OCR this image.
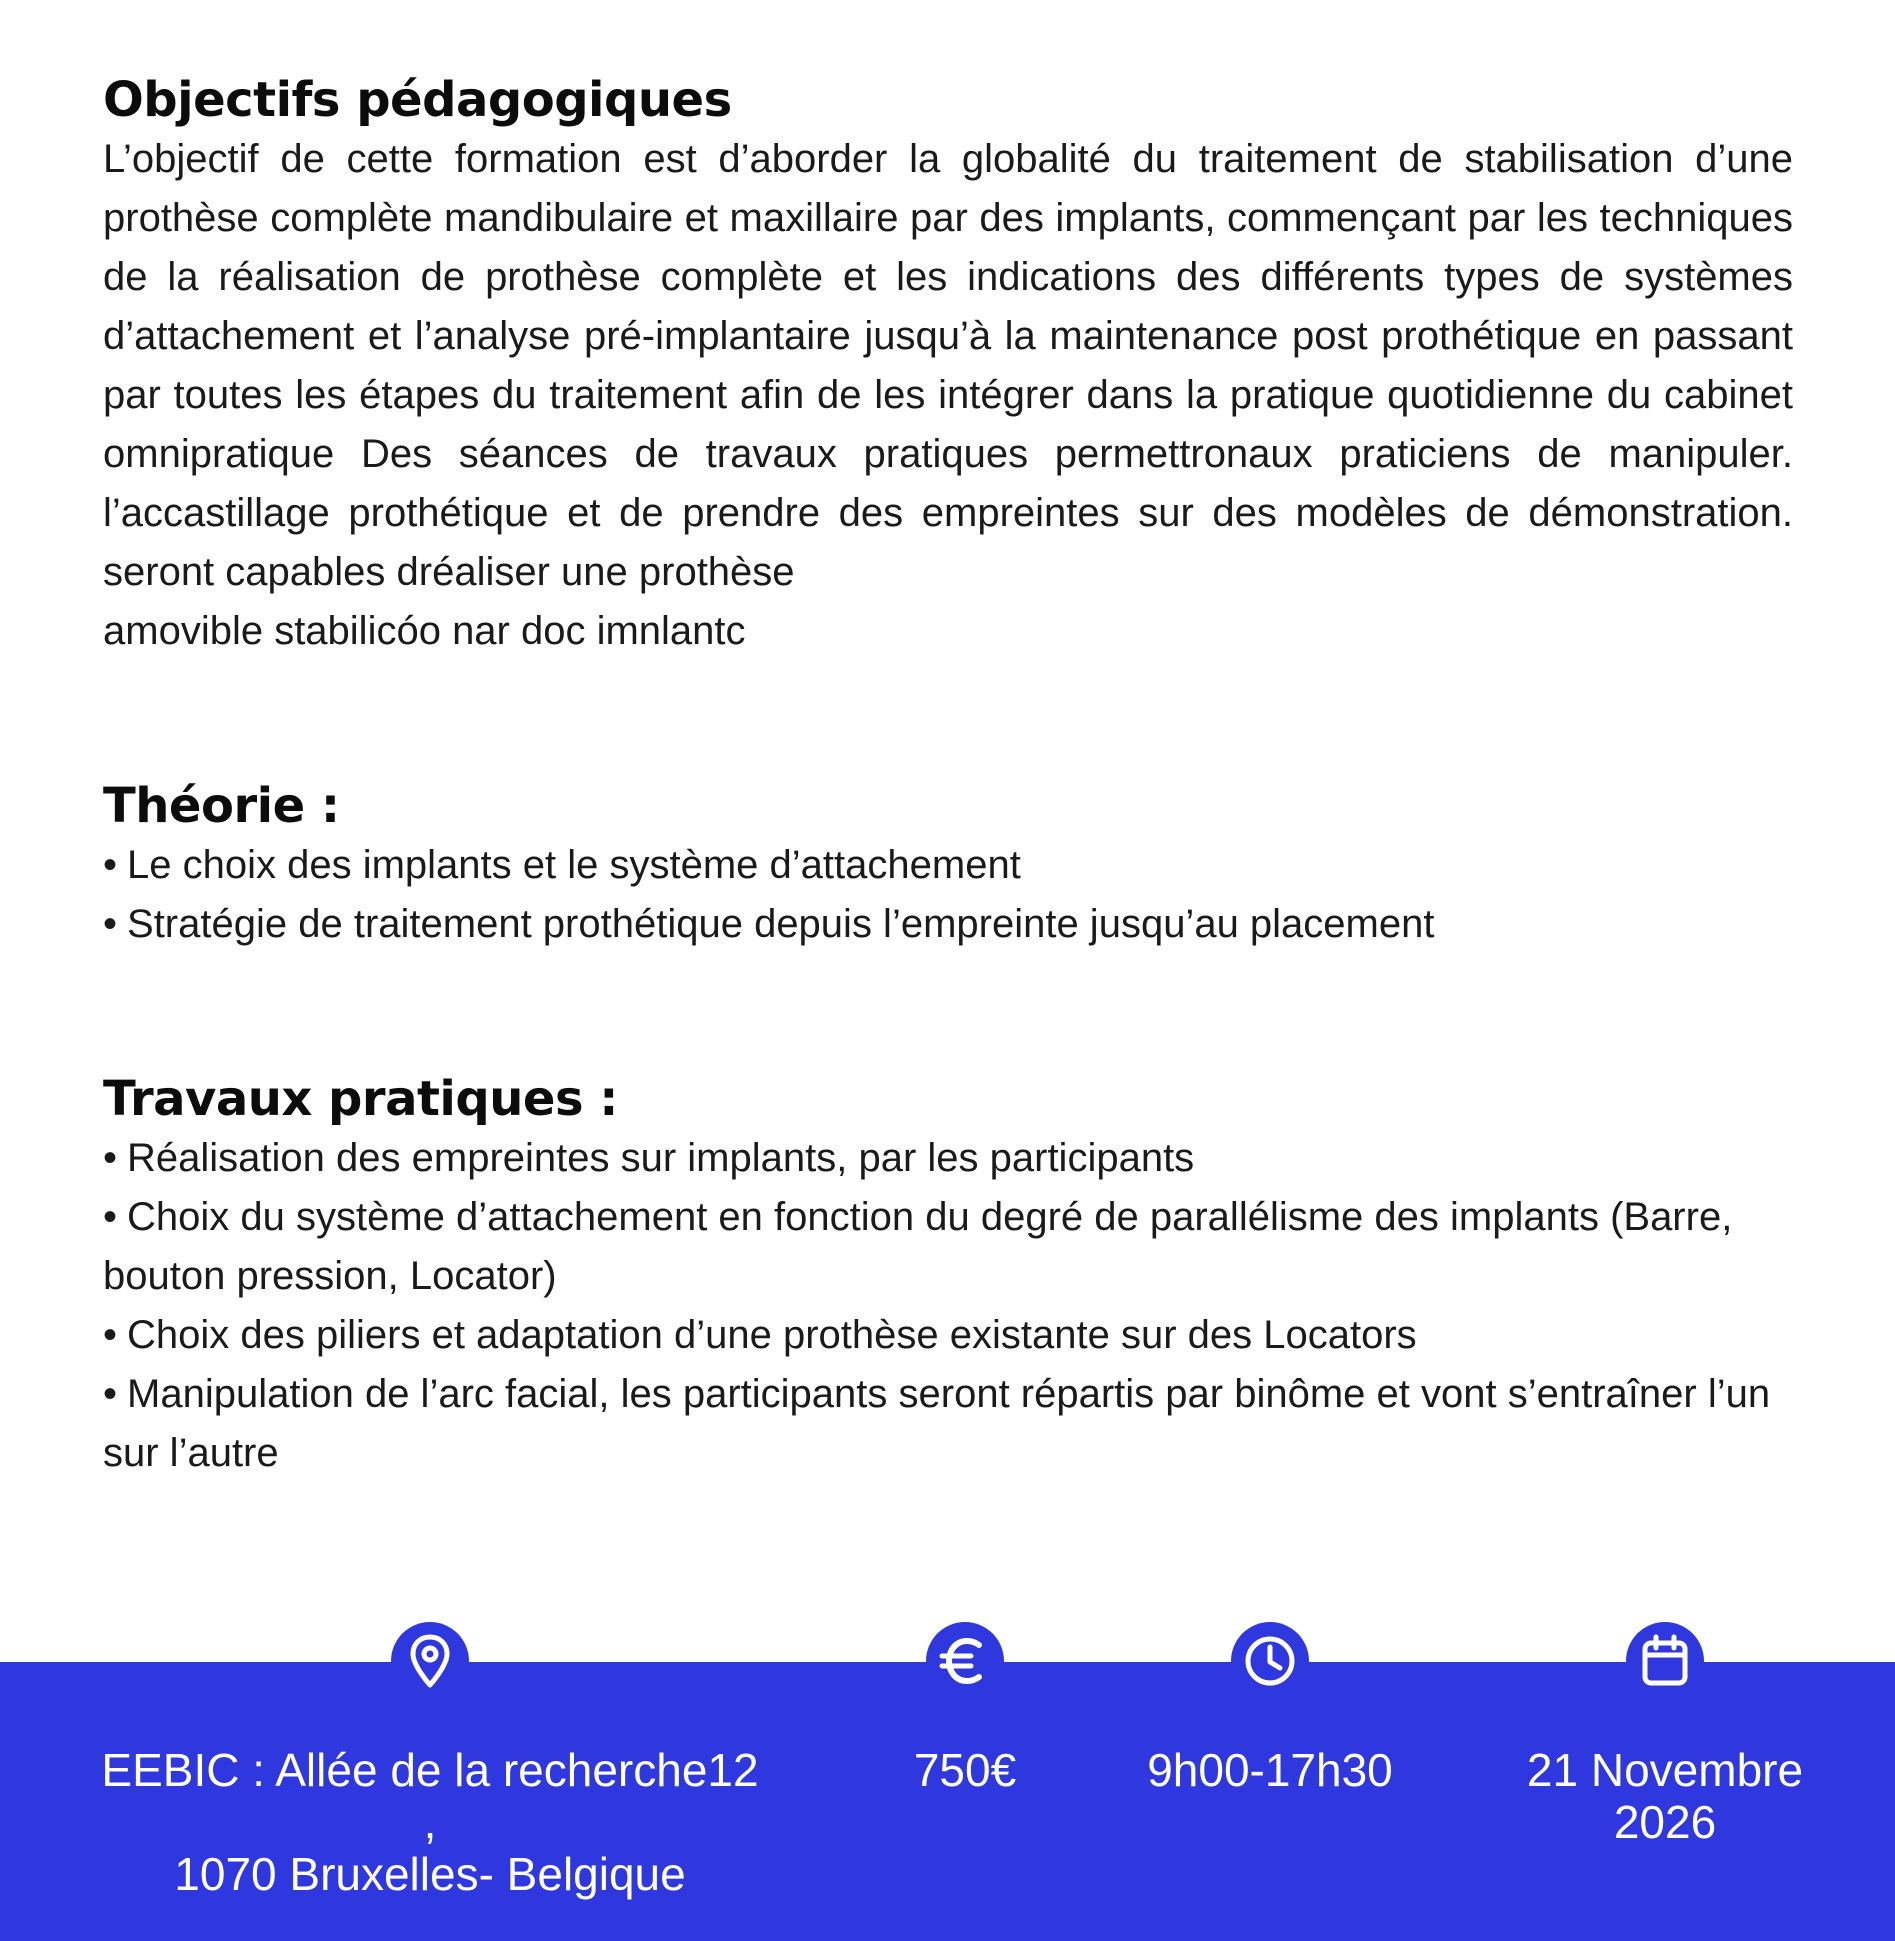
Objectifs pédagogiques

L’objectif de cette formation est d’aborder la globalité du traitement de stabilisation d’une prothèse complète mandibulaire et maxillaire par des implants, commençant par les techniques de la réalisation de prothèse complète et les indications des différents types de systèmes d’attachement et l’analyse pré-implantaire jusqu’à la maintenance post prothétique en passant par toutes les étapes du traitement afin de les intégrer dans la pratique quotidienne du cabinet omnipratique Des séances de travaux pratiques permettronaux praticiens de manipuler. l’accastillage prothétique et de prendre des empreintes sur des modèles de démonstration. seront capables dréaliser une prothèse
amovible stabilicóo nar doc imnlantc

Théorie :
• Le choix des implants et le système d’attachement
• Stratégie de traitement prothétique depuis l’empreinte jusqu’au placement
Travaux pratiques :
• Réalisation des empreintes sur implants, par les participants
• Choix du système d’attachement en fonction du degré de parallélisme des implants (Barre, bouton pression, Locator)
• Choix des piliers et adaptation d’une prothèse existante sur des Locators
• Manipulation de l’arc facial, les participants seront répartis par binôme et vont s’entraîner l’un sur l’autre
EEBIC : Allée de la recherche12 ,
1070 Bruxelles- Belgique
750€	9h00-17h30	21 Novembre
2026
